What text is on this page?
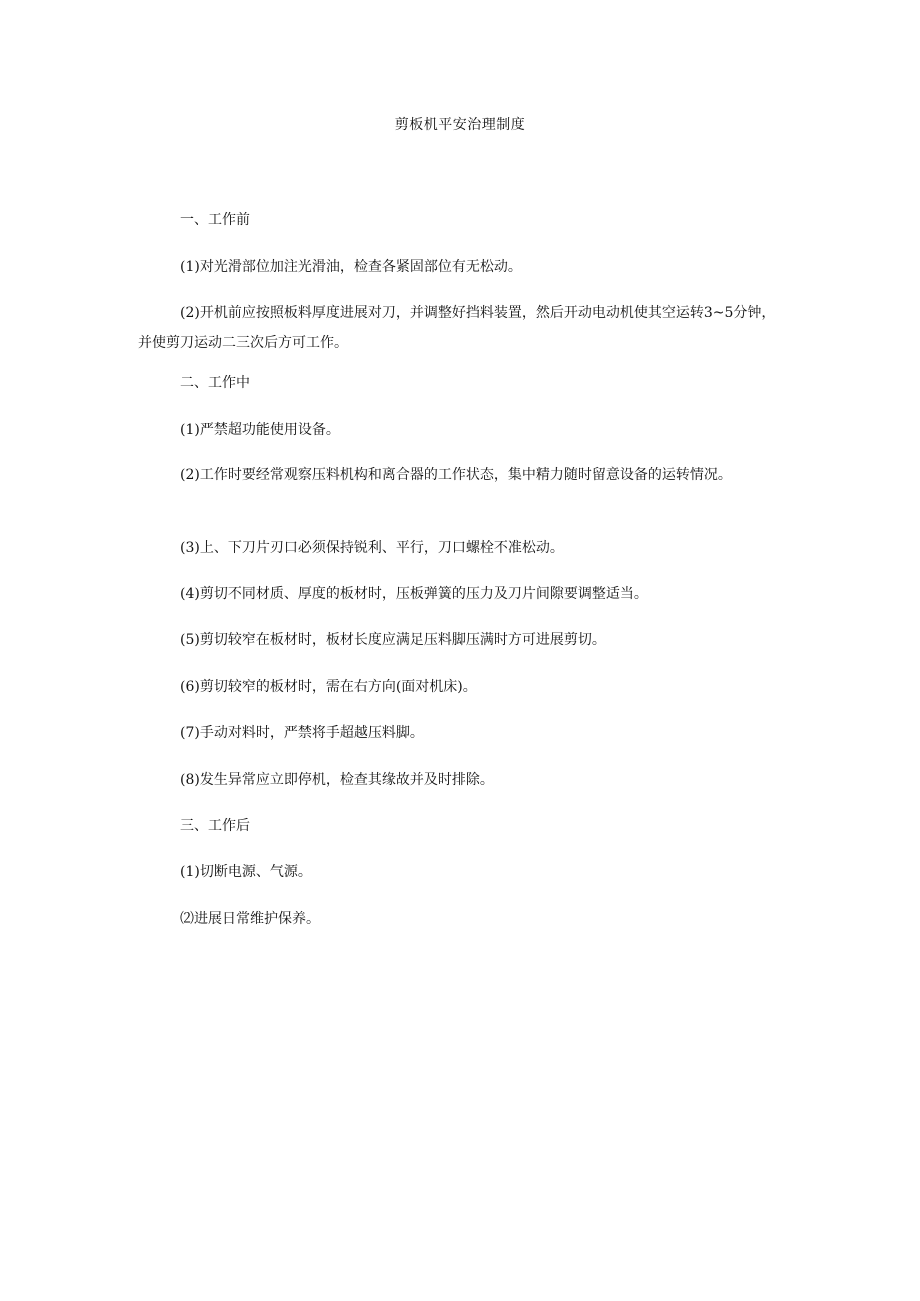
剪板机平安治理制度
一、工作前
(1)对光滑部位加注光滑油，检查各紧固部位有无松动。
(2)开机前应按照板料厚度进展对刀，并调整好挡料装置，然后开动电动机使其空运转3~5分钟，并使剪刀运动二三次后方可工作。
二、工作中
(1)严禁超功能使用设备。
(2)工作时要经常观察压料机构和离合器的工作状态，集中精力随时留意设备的运转情况。
(3)上、下刀片刃口必须保持锐利、平行，刀口螺栓不准松动。
(4)剪切不同材质、厚度的板材时，压板弹簧的压力及刀片间隙要调整适当。
(5)剪切较窄在板材时，板材长度应满足压料脚压满时方可进展剪切。
(6)剪切较窄的板材时，需在右方向(面对机床)。
(7)手动对料时，严禁将手超越压料脚。
(8)发生异常应立即停机，检查其缘故并及时排除。
三、工作后
(1)切断电源、气源。
⑵进展日常维护保养。
